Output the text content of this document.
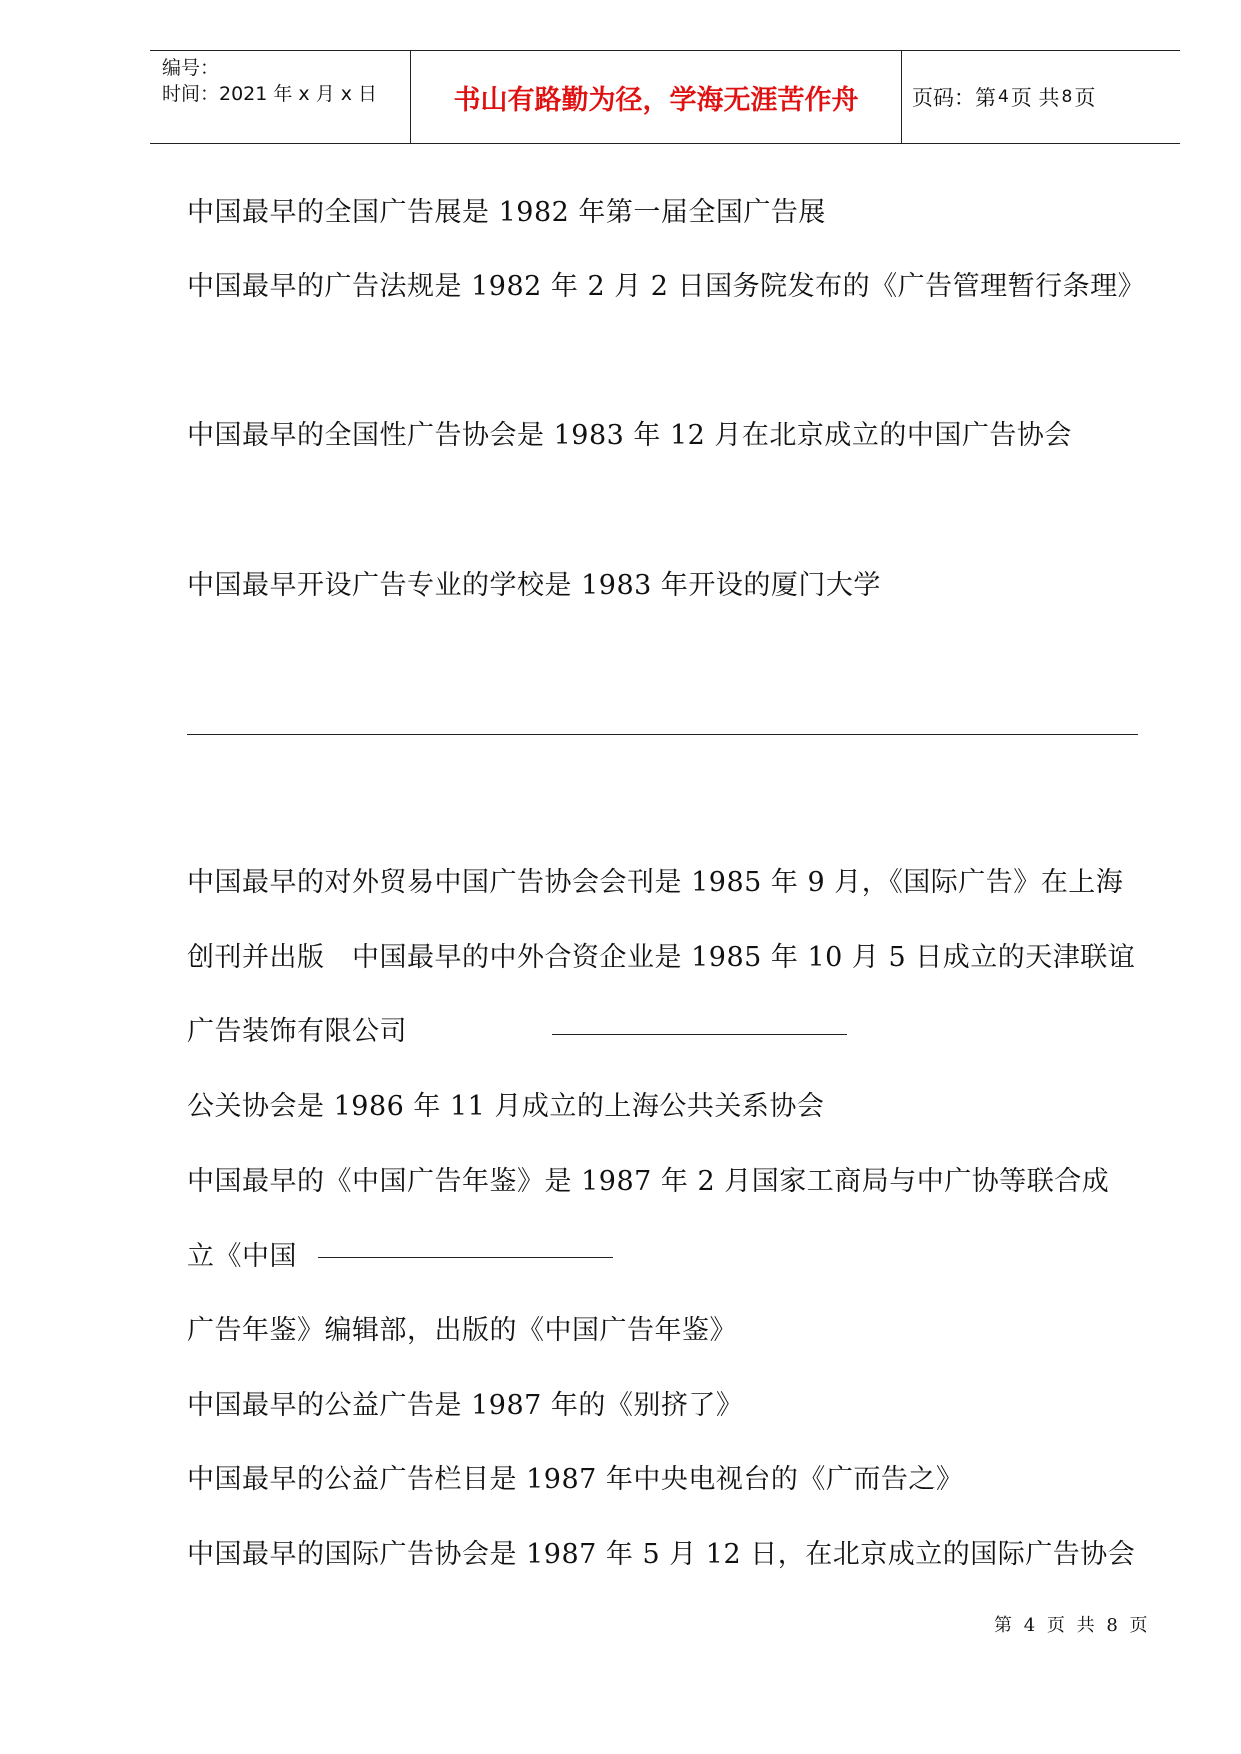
编号：
时间：2021 年 x 月 x 日	书山有路勤为径，学海无涯苦作舟	页码：第 4 页 共 8 页
中国最早的全国广告展是 1982 年第一届全国广告展
中国最早的广告法规是 1982 年 2 月 2 日国务院发布的《广告管理暂行条理》
中国最早的全国性广告协会是 1983 年 12 月在北京成立的中国广告协会
中国最早开设广告专业的学校是 1983 年开设的厦门大学
中国最早的对外贸易中国广告协会会刊是 1985 年 9 月，《国际广告》在上海
创刊并出版　中国最早的中外合资企业是 1985 年 10 月 5 日成立的天津联谊
广告装饰有限公司
公关协会是 1986 年 11 月成立的上海公共关系协会
中国最早的《中国广告年鉴》是 1987 年 2 月国家工商局与中广协等联合成
立《中国
广告年鉴》编辑部，出版的《中国广告年鉴》
中国最早的公益广告是 1987 年的《别挤了》
中国最早的公益广告栏目是 1987 年中央电视台的《广而告之》
中国最早的国际广告协会是 1987 年 5 月 12 日，在北京成立的国际广告协会
第 4 页 共 8 页
